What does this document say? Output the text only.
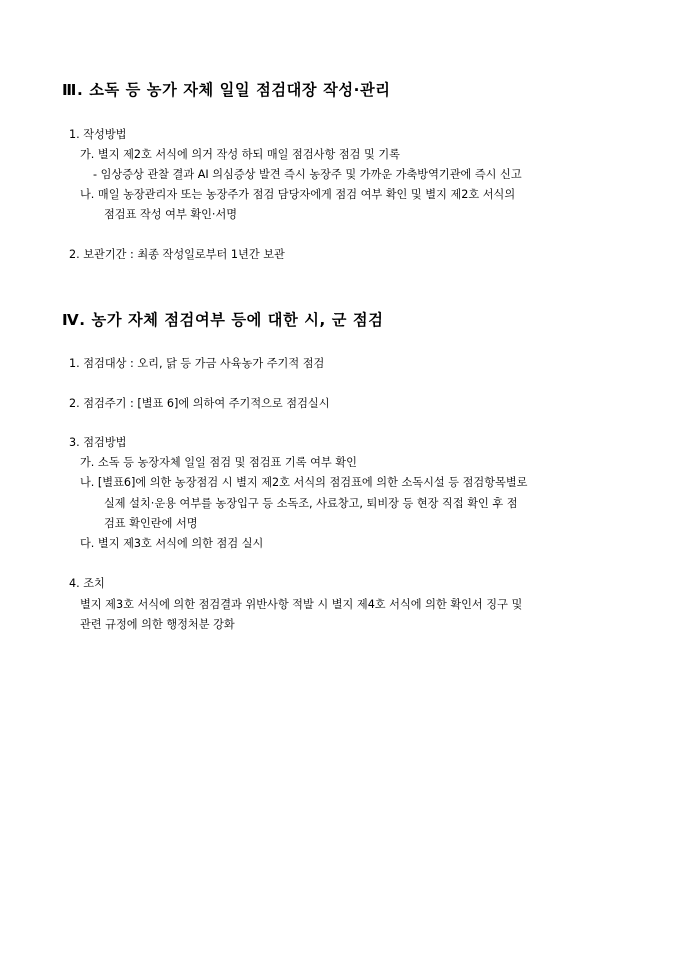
Ⅲ. 소독 등 농가 자체 일일 점검대장 작성·관리
1. 작성방법
가. 별지 제2호 서식에 의거 작성 하되 매일 점검사항 점검 및 기록
- 임상증상 관찰 결과 AI 의심증상 발견 즉시 농장주 및 가까운 가축방역기관에 즉시 신고
나. 매일 농장관리자 또는 농장주가 점검 담당자에게 점검 여부 확인 및 별지 제2호 서식의
점검표 작성 여부 확인·서명
2. 보관기간 : 최종 작성일로부터 1년간 보관
Ⅳ. 농가 자체 점검여부 등에 대한 시, 군 점검
1. 점검대상 : 오리, 닭 등 가금 사육농가 주기적 점검
2. 점검주기 : [별표 6]에 의하여 주기적으로 점검실시
3. 점검방법
가. 소독 등 농장자체 일일 점검 및 점검표 기록 여부 확인
나. [별표6]에 의한 농장점검 시 별지 제2호 서식의 점검표에 의한 소독시설 등 점검항목별로
실제 설치·운용 여부를 농장입구 등 소독조, 사료창고, 퇴비장 등 현장 직접 확인 후 점
검표 확인란에 서명
다. 별지 제3호 서식에 의한 점검 실시
4. 조치
별지 제3호 서식에 의한 점검결과 위반사항 적발 시 별지 제4호 서식에 의한 확인서 징구 및
관련 규정에 의한 행정처분 강화
